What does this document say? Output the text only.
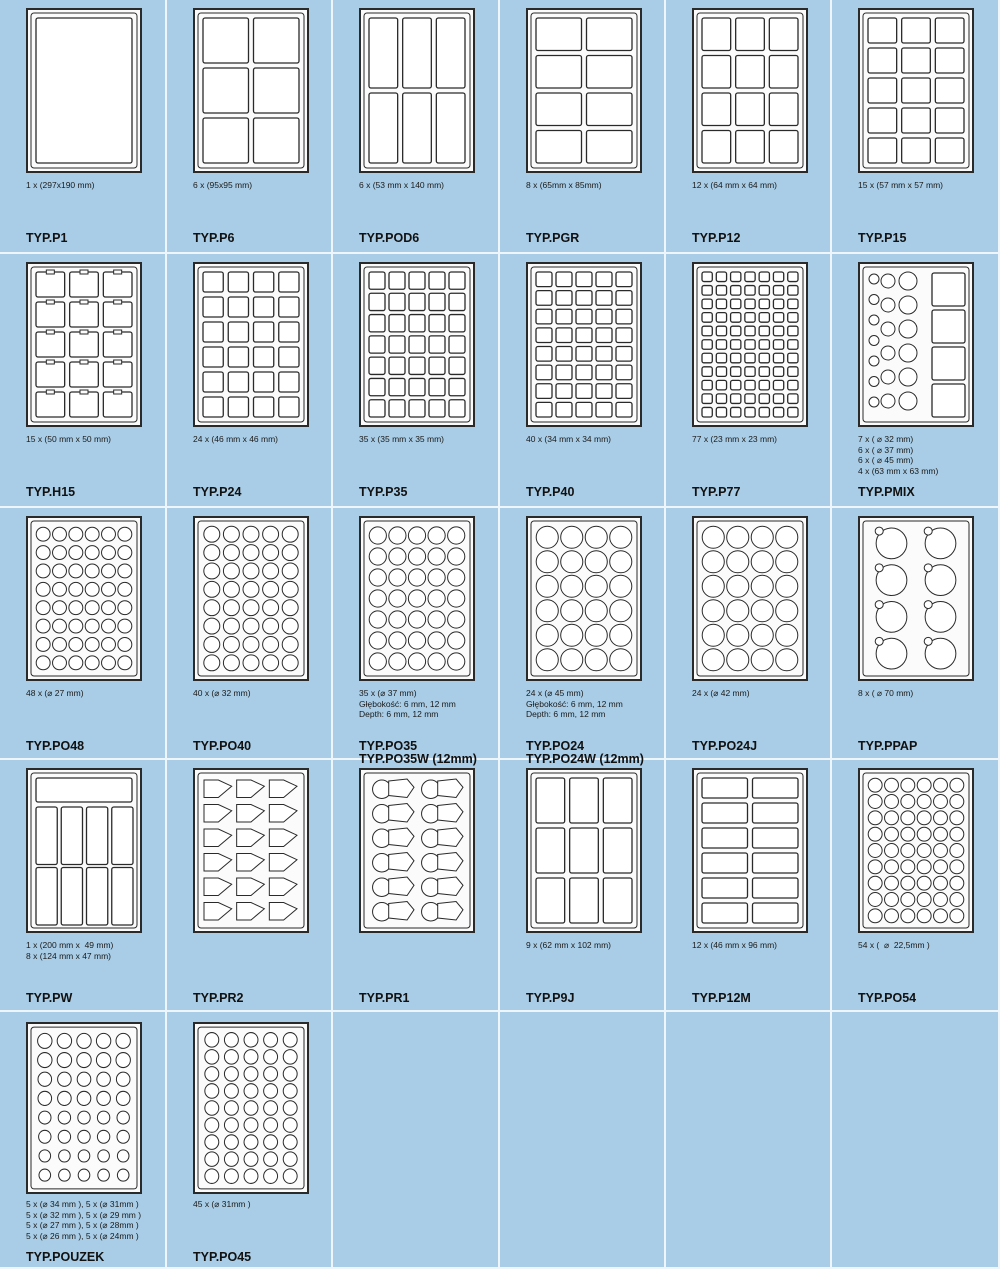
1 x (297x190 mm)
TYP.P1
6 x (95x95 mm)
TYP.P6
6 x (53 mm x 140 mm)
TYP.POD6
8 x (65mm x 85mm)
TYP.PGR
12 x (64 mm x 64 mm)
TYP.P12
15 x (57 mm x 57 mm)
TYP.P15
15 x (50 mm x 50 mm)
TYP.H15
24 x (46 mm x 46 mm)
TYP.P24
35 x (35 mm x 35 mm)
TYP.P35
40 x (34 mm x 34 mm)
TYP.P40
77 x (23 mm x 23 mm)
TYP.P77
7 x ( ⌀ 32 mm)
6 x ( ⌀ 37 mm)
6 x ( ⌀ 45 mm)
4 x (63 mm x 63 mm)
TYP.PMIX
48 x (⌀ 27 mm)
TYP.PO48
40 x (⌀ 32 mm)
TYP.PO40
35 x (⌀ 37 mm)
Głębokość: 6 mm, 12 mm
Depth: 6 mm, 12 mm
TYP.PO35
TYP.PO35W (12mm)
24 x (⌀ 45 mm)
Głębokość: 6 mm, 12 mm
Depth: 6 mm, 12 mm
TYP.PO24
TYP.PO24W (12mm)
24 x (⌀ 42 mm)
TYP.PO24J
8 x ( ⌀ 70 mm)
TYP.PPAP
1 x (200 mm x  49 mm)
8 x (124 mm x 47 mm)
TYP.PW	TYP.PR2	TYP.PR1
9 x (62 mm x 102 mm)
TYP.P9J
12 x (46 mm x 96 mm)
TYP.P12M
54 x (  ⌀  22,5mm )
TYP.PO54
5 x (⌀ 34 mm ), 5 x (⌀ 31mm )
5 x (⌀ 32 mm ), 5 x (⌀ 29 mm )
5 x (⌀ 27 mm ), 5 x (⌀ 28mm )
5 x (⌀ 26 mm ), 5 x (⌀ 24mm )
TYP.POUZEK
45 x (⌀ 31mm )
TYP.PO45
